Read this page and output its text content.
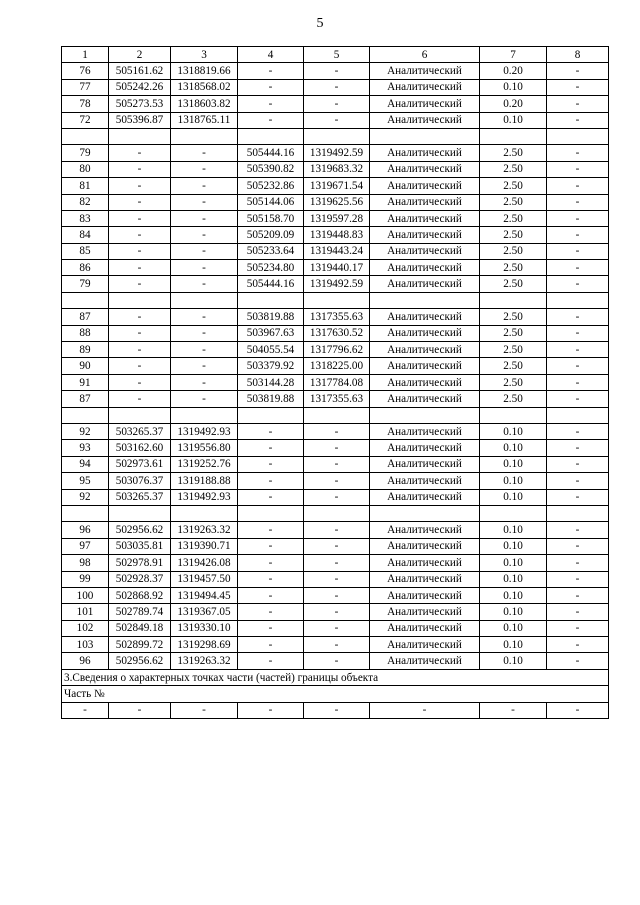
5
1	2	3	4	5	6	7	8
76	505161.62	1318819.66	-	-	Аналитический	0.20	-
77	505242.26	1318568.02	-	-	Аналитический	0.10	-
78	505273.53	1318603.82	-	-	Аналитический	0.20	-
72	505396.87	1318765.11	-	-	Аналитический	0.10	-

79	-	-	505444.16	1319492.59	Аналитический	2.50	-
80	-	-	505390.82	1319683.32	Аналитический	2.50	-
81	-	-	505232.86	1319671.54	Аналитический	2.50	-
82	-	-	505144.06	1319625.56	Аналитический	2.50	-
83	-	-	505158.70	1319597.28	Аналитический	2.50	-
84	-	-	505209.09	1319448.83	Аналитический	2.50	-
85	-	-	505233.64	1319443.24	Аналитический	2.50	-
86	-	-	505234.80	1319440.17	Аналитический	2.50	-
79	-	-	505444.16	1319492.59	Аналитический	2.50	-

87	-	-	503819.88	1317355.63	Аналитический	2.50	-
88	-	-	503967.63	1317630.52	Аналитический	2.50	-
89	-	-	504055.54	1317796.62	Аналитический	2.50	-
90	-	-	503379.92	1318225.00	Аналитический	2.50	-
91	-	-	503144.28	1317784.08	Аналитический	2.50	-
87	-	-	503819.88	1317355.63	Аналитический	2.50	-

92	503265.37	1319492.93	-	-	Аналитический	0.10	-
93	503162.60	1319556.80	-	-	Аналитический	0.10	-
94	502973.61	1319252.76	-	-	Аналитический	0.10	-
95	503076.37	1319188.88	-	-	Аналитический	0.10	-
92	503265.37	1319492.93	-	-	Аналитический	0.10	-

96	502956.62	1319263.32	-	-	Аналитический	0.10	-
97	503035.81	1319390.71	-	-	Аналитический	0.10	-
98	502978.91	1319426.08	-	-	Аналитический	0.10	-
99	502928.37	1319457.50	-	-	Аналитический	0.10	-
100	502868.92	1319494.45	-	-	Аналитический	0.10	-
101	502789.74	1319367.05	-	-	Аналитический	0.10	-
102	502849.18	1319330.10	-	-	Аналитический	0.10	-
103	502899.72	1319298.69	-	-	Аналитический	0.10	-
96	502956.62	1319263.32	-	-	Аналитический	0.10	-
3.Сведения о характерных точках части (частей) границы объекта							
Часть №							
-	-	-	-	-	-	-	-
